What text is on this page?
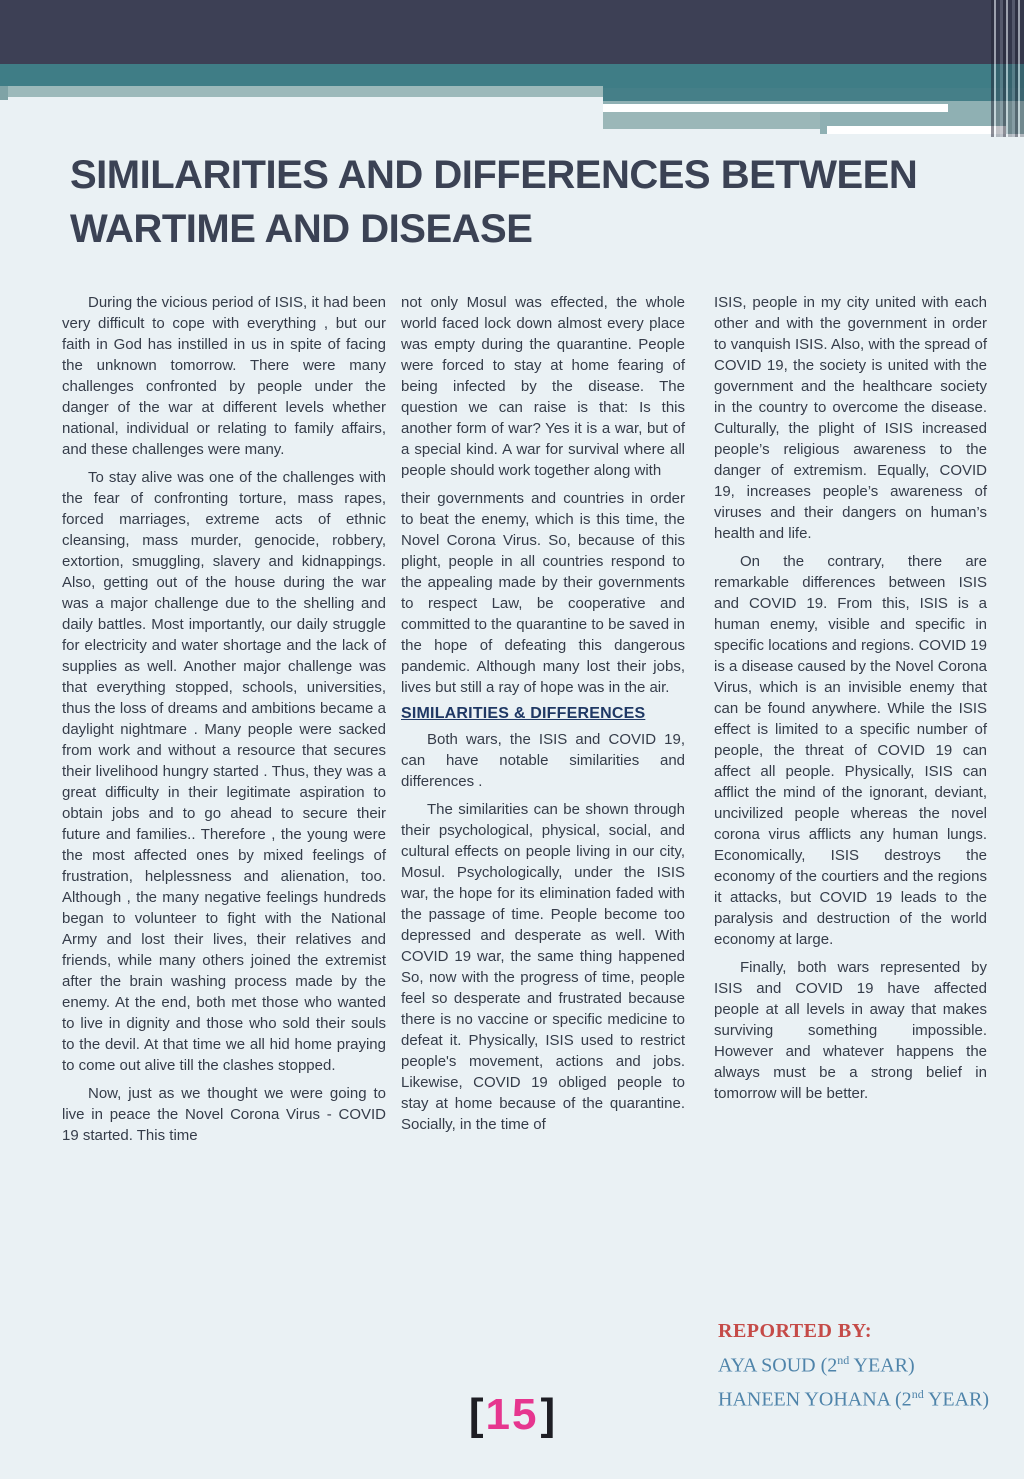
SIMILARITIES AND DIFFERENCES BETWEEN WARTIME AND DISEASE

During the vicious period of ISIS, it had been very difficult to cope with everything , but our faith in God has instilled in us in spite of facing the unknown tomorrow. There were many challenges confronted by people under the danger of the war at different levels whether national, individual or relating to family affairs, and these challenges were many.

To stay alive was one of the challenges with the fear of confronting torture, mass rapes, forced marriages, extreme acts of ethnic cleansing, mass murder, genocide, robbery, extortion, smuggling, slavery and kidnappings. Also, getting out of the house during the war was a major challenge due to the shelling and daily battles. Most importantly, our daily struggle for electricity and water shortage and the lack of supplies as well. Another major challenge was that everything stopped, schools, universities, thus the loss of dreams and ambitions became a daylight nightmare . Many people were sacked from work and without a resource that secures their livelihood hungry started . Thus, they was a great difficulty in their legitimate aspiration to obtain jobs and to go ahead to secure their future and families.. Therefore , the young were the most affected ones by mixed feelings of frustration, helplessness and alienation, too. Although , the many negative feelings hundreds began to volunteer to fight with the National Army and lost their lives, their relatives and friends, while many others joined the extremist after the brain washing process made by the enemy. At the end, both met those who wanted to live in dignity and those who sold their souls to the devil. At that time we all hid home praying to come out alive till the clashes stopped.

Now, just as we thought we were going to live in peace the Novel Corona Virus - COVID 19 started. This time

not only Mosul was effected, the whole world faced lock down almost every place was empty during the quarantine. People were forced to stay at home fearing of being infected by the disease. The question we can raise is that: Is this another form of war? Yes it is a war, but of a special kind. A war for survival where all people should work together along with

their governments and countries in order to beat the enemy, which is this time, the Novel Corona Virus. So, because of this plight, people in all countries respond to the appealing made by their governments to respect Law, be cooperative and committed to the quarantine to be saved in the hope of defeating this dangerous pandemic. Although many lost their jobs, lives but still a ray of hope was in the air.

SIMILARITIES & DIFFERENCES

Both wars, the ISIS and COVID 19, can have notable similarities and differences .

The similarities can be shown through their psychological, physical, social, and cultural effects on people living in our city, Mosul. Psychologically, under the ISIS war, the hope for its elimination faded with the passage of time. People become too depressed and desperate as well. With COVID 19 war, the same thing happened So, now with the progress of time, people feel so desperate and frustrated because there is no vaccine or specific medicine to defeat it. Physically, ISIS used to restrict people's movement, actions and jobs. Likewise, COVID 19 obliged people to stay at home because of the quarantine. Socially, in the time of

ISIS, people in my city united with each other and with the government in order to vanquish ISIS. Also, with the spread of COVID 19, the society is united with the government and the healthcare society in the country to overcome the disease. Culturally, the plight of ISIS increased people’s religious awareness to the danger of extremism. Equally, COVID 19, increases people’s awareness of viruses and their dangers on human’s health and life.

On the contrary, there are remarkable differences between ISIS and COVID 19. From this, ISIS is a human enemy, visible and specific in specific locations and regions. COVID 19 is a disease caused by the Novel Corona Virus, which is an invisible enemy that can be found anywhere. While the ISIS effect is limited to a specific number of people, the threat of COVID 19 can affect all people. Physically, ISIS can afflict the mind of the ignorant, deviant, uncivilized people whereas the novel corona virus afflicts any human lungs. Economically, ISIS destroys the economy of the courtiers and the regions it attacks, but COVID 19 leads to the paralysis and destruction of the world economy at large.

Finally, both wars represented by ISIS and COVID 19 have affected people at all levels in away that makes surviving something impossible. However and whatever happens the always must be a strong belief in tomorrow will be better.

REPORTED BY:
AYA SOUD (2nd YEAR)
HANEEN YOHANA (2nd YEAR)
[15]
